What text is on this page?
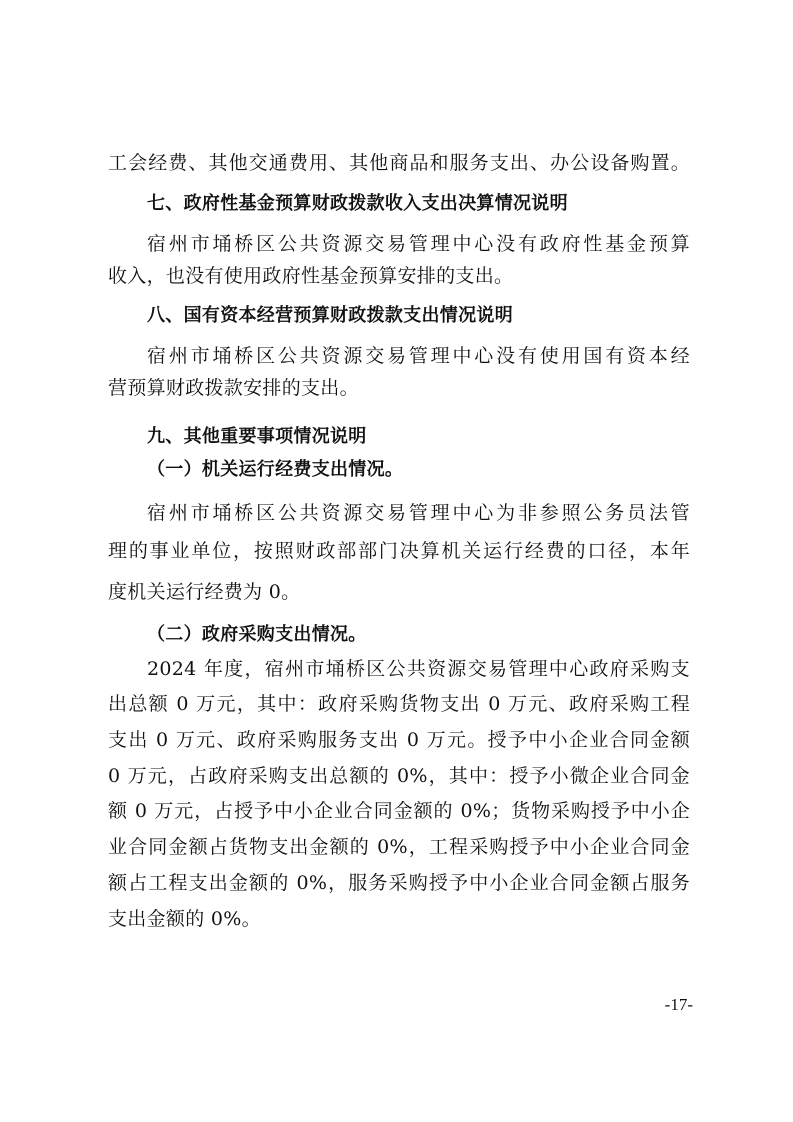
工会经费、其他交通费用、其他商品和服务支出、办公设备购置。
七、政府性基金预算财政拨款收入支出决算情况说明
宿州市埇桥区公共资源交易管理中心没有政府性基金预算
收入，也没有使用政府性基金预算安排的支出。
八、国有资本经营预算财政拨款支出情况说明
宿州市埇桥区公共资源交易管理中心没有使用国有资本经
营预算财政拨款安排的支出。
九、其他重要事项情况说明
（一）机关运行经费支出情况。
宿州市埇桥区公共资源交易管理中心为非参照公务员法管
理的事业单位，按照财政部部门决算机关运行经费的口径，本年
度机关运行经费为 0。
（二）政府采购支出情况。
2024 年度，宿州市埇桥区公共资源交易管理中心政府采购支
出总额 0 万元，其中：政府采购货物支出 0 万元、政府采购工程
支出 0 万元、政府采购服务支出 0 万元。授予中小企业合同金额
0 万元，占政府采购支出总额的 0%，其中：授予小微企业合同金
额 0 万元，占授予中小企业合同金额的 0%；货物采购授予中小企
业合同金额占货物支出金额的 0%，工程采购授予中小企业合同金
额占工程支出金额的 0%，服务采购授予中小企业合同金额占服务
支出金额的 0%。
-17-
